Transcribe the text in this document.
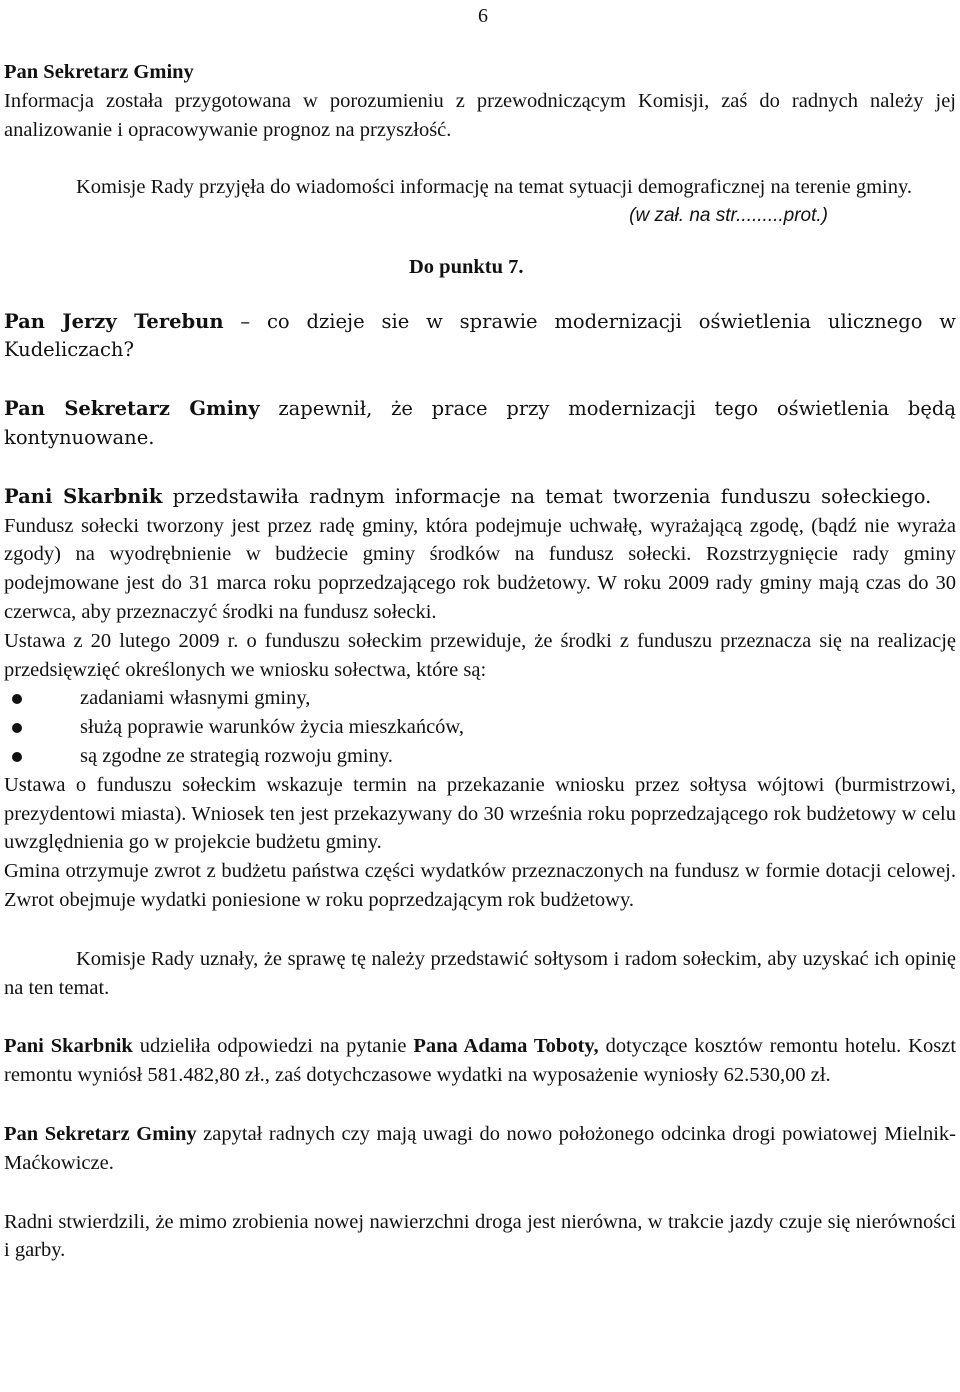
6

Pan Sekretarz Gminy
Informacja została przygotowana w porozumieniu z przewodniczącym Komisji, zaś do radnych należy jej analizowanie i opracowywanie prognoz na przyszłość.

Komisje Rady przyjęła do wiadomości informację na temat sytuacji demograficznej na terenie gminy.

(w zał. na str.........prot.)

Do punktu 7.

Pan Jerzy Terebun – co dzieje sie w sprawie modernizacji oświetlenia ulicznego w Kudeliczach?

Pan Sekretarz Gminy zapewnił, że prace przy modernizacji tego oświetlenia będą kontynuowane.

Pani Skarbnik przedstawiła radnym informacje na temat tworzenia funduszu sołeckiego.

Fundusz sołecki tworzony jest przez radę gminy, która podejmuje uchwałę, wyrażającą zgodę, (bądź nie wyraża zgody) na wyodrębnienie w budżecie gminy środków na fundusz sołecki. Rozstrzygnięcie rady gminy podejmowane jest do 31 marca roku poprzedzającego rok budżetowy. W roku 2009 rady gminy mają czas do 30 czerwca, aby przeznaczyć środki na fundusz sołecki.

Ustawa z 20 lutego 2009 r. o funduszu sołeckim przewiduje, że środki z funduszu przeznacza się na realizację przedsięwzięć określonych we wniosku sołectwa, które są:

zadaniami własnymi gminy,
służą poprawie warunków życia mieszkańców,
są zgodne ze strategią rozwoju gminy.

Ustawa o funduszu sołeckim wskazuje termin na przekazanie wniosku przez sołtysa wójtowi (burmistrzowi, prezydentowi miasta). Wniosek ten jest przekazywany do 30 września roku poprzedzającego rok budżetowy w celu uwzględnienia go w projekcie budżetu gminy.

Gmina otrzymuje zwrot z budżetu państwa części wydatków przeznaczonych na fundusz w formie dotacji celowej. Zwrot obejmuje wydatki poniesione w roku poprzedzającym rok budżetowy.

Komisje Rady uznały, że sprawę tę należy przedstawić sołtysom i radom sołeckim, aby uzyskać ich opinię na ten temat.

Pani Skarbnik udzieliła odpowiedzi na pytanie Pana Adama Toboty, dotyczące kosztów remontu hotelu. Koszt remontu wyniósł 581.482,80 zł., zaś dotychczasowe wydatki na wyposażenie wyniosły 62.530,00 zł.

Pan Sekretarz Gminy zapytał radnych czy mają uwagi do nowo położonego odcinka drogi powiatowej Mielnik-Maćkowicze.

Radni stwierdzili, że mimo zrobienia nowej nawierzchni droga jest nierówna, w trakcie jazdy czuje się nierówności i garby.
